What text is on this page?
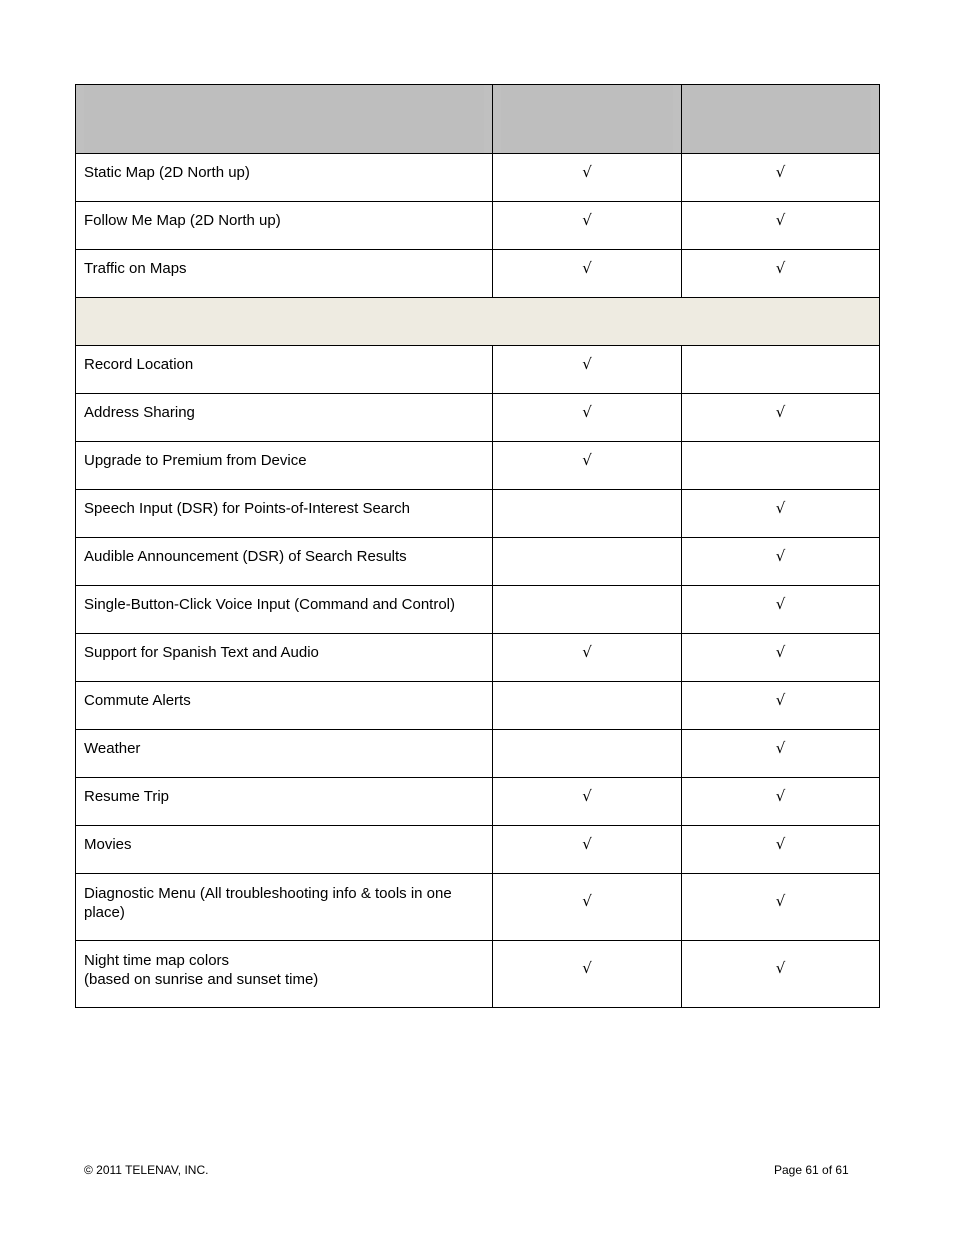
Static Map (2D North up)	√	√
Follow Me Map (2D North up)	√	√
Traffic on Maps	√	√

Record Location	√	
Address Sharing	√	√
Upgrade to Premium from Device	√	
Speech Input (DSR) for Points-of-Interest Search		√
Audible Announcement (DSR) of Search Results		√
Single-Button-Click Voice Input (Command and Control)		√
Support for Spanish Text and Audio	√	√
Commute Alerts		√
Weather		√
Resume Trip	√	√
Movies	√	√
Diagnostic Menu (All troubleshooting info & tools in one place)	√	√
Night time map colors
(based on sunrise and sunset time)	√	√
© 2011 TELENAV, INC.	Page 61 of 61
